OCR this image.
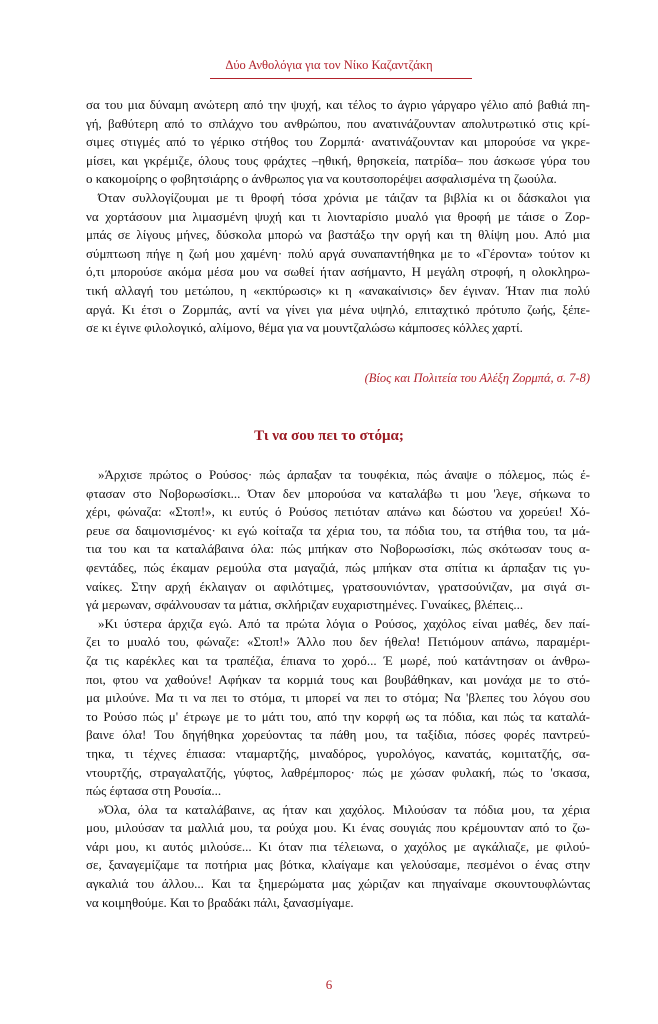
Δύο Ανθολόγια για τον Νίκο Καζαντζάκη
σα του μια δύναμη ανώτερη από την ψυχή, και τέλος το άγριο γάργαρο γέλιο από βαθιά πη-
γή, βαθύτερη από το σπλάχνο του ανθρώπου, που ανατινάζουνταν απολυτρωτικό στις κρί-
σιμες στιγμές από το γέρικο στήθος του Ζορμπά· ανατινάζουνταν και μπορούσε να γκρε-
μίσει, και γκρέμιζε, όλους τους φράχτες –ηθική, θρησκεία, πατρίδα– που άσκωσε γύρα του
ο κακομοίρης ο φοβητσιάρης ο άνθρωπος για να κουτσοπορέψει ασφαλισμένα τη ζωούλα.
Όταν συλλογίζουμαι με τι θροφή τόσα χρόνια με τάιζαν τα βιβλία κι οι δάσκαλοι για
να χορτάσουν μια λιμασμένη ψυχή και τι λιονταρίσιο μυαλό για θροφή με τάισε ο Ζορ-
μπάς σε λίγους μήνες, δύσκολα μπορώ να βαστάξω την οργή και τη θλίψη μου. Από μια
σύμπτωση πήγε η ζωή μου χαμένη· πολύ αργά συναπαντήθηκα με το «Γέροντα» τούτον κι
ό,τι μπορούσε ακόμα μέσα μου να σωθεί ήταν ασήμαντο, Η μεγάλη στροφή, η ολοκληρω-
τική αλλαγή του μετώπου, η «εκπύρωσις» κι η «ανακαίνισις» δεν έγιναν. Ήταν πια πολύ
αργά. Κι έτσι ο Ζορμπάς, αντί να γίνει για μένα υψηλό, επιταχτικό πρότυπο ζωής, ξέπε-
σε κι έγινε φιλολογικό, αλίμονο, θέμα για να μουντζαλώσω κάμποσες κόλλες χαρτί.
(Βίος και Πολιτεία του Αλέξη Ζορμπά, σ. 7-8)
Τι να σου πει το στόμα;
»Άρχισε πρώτος ο Ρούσος· πώς άρπαξαν τα τουφέκια, πώς άναψε ο πόλεμος, πώς έ-
φτασαν στο Νοβορωσίσκι... Όταν δεν μπορούσα να καταλάβω τι μου 'λεγε, σήκωνα το
χέρι, φώναζα: «Στοπ!», κι ευτύς ό Ρούσος πετιόταν απάνω και δώστου να χορεύει! Χό-
ρευε σα δαιμονισμένος· κι εγώ κοίταζα τα χέρια του, τα πόδια του, τα στήθια του, τα μά-
τια του και τα καταλάβαινα όλα: πώς μπήκαν στο Νοβορωσίσκι, πώς σκότωσαν τους α-
φεντάδες, πώς έκαμαν ρεμούλα στα μαγαζιά, πώς μπήκαν στα σπίτια κι άρπαξαν τις γυ-
ναίκες. Στην αρχή έκλαιγαν οι αφιλότιμες, γρατσουνιόνταν, γρατσούνιζαν, μα σιγά σι-
γά μερωναν, σφάλνουσαν τα μάτια, σκλήριζαν ευχαριστημένες. Γυναίκες, βλέπεις...
»Κι ύστερα άρχιζα εγώ. Από τα πρώτα λόγια ο Ρούσος, χαχόλος είναι μαθές, δεν παί-
ζει το μυαλό του, φώναζε: «Στοπ!» Άλλο που δεν ήθελα! Πετιόμουν απάνω, παραμέρι-
ζα τις καρέκλες και τα τραπέζια, έπιανα το χορό... Έ μωρέ, πού κατάντησαν οι άνθρω-
ποι, φτου να χαθούνε! Αφήκαν τα κορμιά τους και βουβάθηκαν, και μονάχα με το στό-
μα μιλούνε. Μα τι να πει το στόμα, τι μπορεί να πει το στόμα; Να 'βλεπες του λόγου σου
το Ρούσο πώς μ' έτρωγε με το μάτι του, από την κορφή ως τα πόδια, και πώς τα καταλά-
βαινε όλα! Του δηγήθηκα χορεύοντας τα πάθη μου, τα ταξίδια, πόσες φορές παντρεύ-
τηκα, τι τέχνες έπιασα: νταμαρτζής, μιναδόρος, γυρολόγος, κανατάς, κομιτατζής, σα-
ντουρτζής, στραγαλατζής, γύφτος, λαθρέμπορος· πώς με χώσαν φυλακή, πώς το 'σκασα,
πώς έφτασα στη Ρουσία...
»Όλα, όλα τα καταλάβαινε, ας ήταν και χαχόλος. Μιλούσαν τα πόδια μου, τα χέρια
μου, μιλούσαν τα μαλλιά μου, τα ρούχα μου. Κι ένας σουγιάς που κρέμουνταν από το ζω-
νάρι μου, κι αυτός μιλούσε... Κι όταν πια τέλειωνα, ο χαχόλος με αγκάλιαζε, με φιλού-
σε, ξαναγεμίζαμε τα ποτήρια μας βότκα, κλαίγαμε και γελούσαμε, πεσμένοι ο ένας στην
αγκαλιά του άλλου... Και τα ξημερώματα μας χώριζαν και πηγαίναμε σκουντουφλώντας
να κοιμηθούμε. Και το βραδάκι πάλι, ξανασμίγαμε.
6
